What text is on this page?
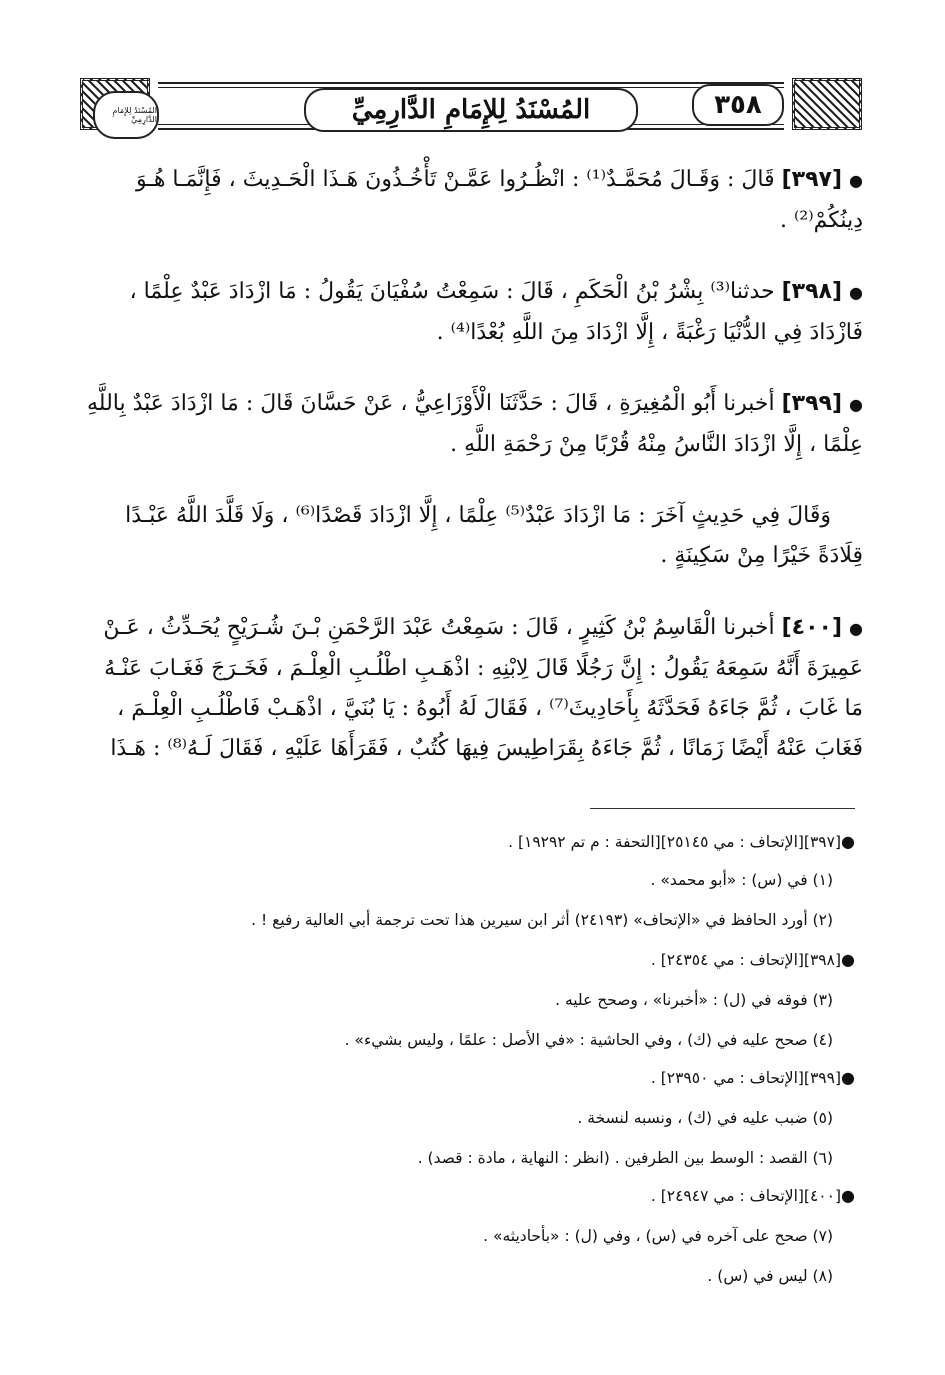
المُسْنَدُ لِلإِمَامِ الدَّارِمِيِّ	المُسْنَدُ لِلإِمَامِ الدَّارِمِيِّ	٣٥٨
● [٣٩٧] قَالَ : وَقَـالَ مُحَمَّـدٌ⁽¹⁾ : انْظُـرُوا عَمَّـنْ تَأْخُـذُونَ هَـذَا الْحَـدِيثَ ، فَإِنَّمَـا هُـوَ
دِينُكُمْ⁽²⁾ .
● [٣٩٨] حدثنا⁽³⁾ بِشْرُ بْنُ الْحَكَمِ ، قَالَ : سَمِعْتُ سُفْيَانَ يَقُولُ : مَا ازْدَادَ عَبْدٌ عِلْمًا ،
فَازْدَادَ فِي الدُّنْيَا رَغْبَةً ، إِلَّا ازْدَادَ مِنَ اللَّهِ بُعْدًا⁽⁴⁾ .
● [٣٩٩] أخبرنا أَبُو الْمُغِيرَةِ ، قَالَ : حَدَّثَنَا الْأَوْزَاعِيُّ ، عَنْ حَسَّانَ قَالَ : مَا ازْدَادَ عَبْدٌ بِاللَّهِ
عِلْمًا ، إِلَّا ازْدَادَ النَّاسُ مِنْهُ قُرْبًا مِنْ رَحْمَةِ اللَّهِ .
وَقَالَ فِي حَدِيثٍ آخَرَ : مَا ازْدَادَ عَبْدٌ⁽⁵⁾ عِلْمًا ، إِلَّا ازْدَادَ قَصْدًا⁽⁶⁾ ، وَلَا قَلَّدَ اللَّهُ عَبْـدًا
قِلَادَةً خَيْرًا مِنْ سَكِينَةٍ .
● [٤٠٠] أخبرنا الْقَاسِمُ بْنُ كَثِيرٍ ، قَالَ : سَمِعْتُ عَبْدَ الرَّحْمَنِ بْـنَ شُـرَيْحٍ يُحَـدِّثُ ، عَـنْ
عَمِيرَةَ أَنَّهُ سَمِعَهُ يَقُولُ : إِنَّ رَجُلًا قَالَ لِابْنِهِ : اذْهَـبِ اطْلُـبِ الْعِلْـمَ ، فَخَـرَجَ فَغَـابَ عَنْـهُ
مَا غَابَ ، ثُمَّ جَاءَهُ فَحَدَّثَهُ بِأَحَادِيثَ⁽⁷⁾ ، فَقَالَ لَهُ أَبُوهُ : يَا بُنَيَّ ، اذْهَـبْ فَاطْلُـبِ الْعِلْـمَ ،
فَغَابَ عَنْهُ أَيْضًا زَمَانًا ، ثُمَّ جَاءَهُ بِقَرَاطِيسَ فِيهَا كُتُبٌ ، فَقَرَأَهَا عَلَيْهِ ، فَقَالَ لَـهُ⁽⁸⁾ : هَـذَا
●[٣٩٧][الإتحاف : مي ٢٥١٤٥][التحفة : م تم ١٩٢٩٢] .
(١) في (س) : «أبو محمد» .
(٢) أورد الحافظ في «الإتحاف» (٢٤١٩٣) أثر ابن سيرين هذا تحت ترجمة أبي العالية رفيع ! .
●[٣٩٨][الإتحاف : مي ٢٤٣٥٤] .
(٣) فوقه في (ل) : «أخبرنا» ، وصحح عليه .
(٤) صحح عليه في (ك) ، وفي الحاشية : «في الأصل : علمًا ، وليس بشيء» .
●[٣٩٩][الإتحاف : مي ٢٣٩٥٠] .
(٥) ضبب عليه في (ك) ، ونسبه لنسخة .
(٦) القصد : الوسط بين الطرفين . (انظر : النهاية ، مادة : قصد) .
●[٤٠٠][الإتحاف : مي ٢٤٩٤٧] .
(٧) صحح على آخره في (س) ، وفي (ل) : «بأحاديثه» .
(٨) ليس في (س) .
